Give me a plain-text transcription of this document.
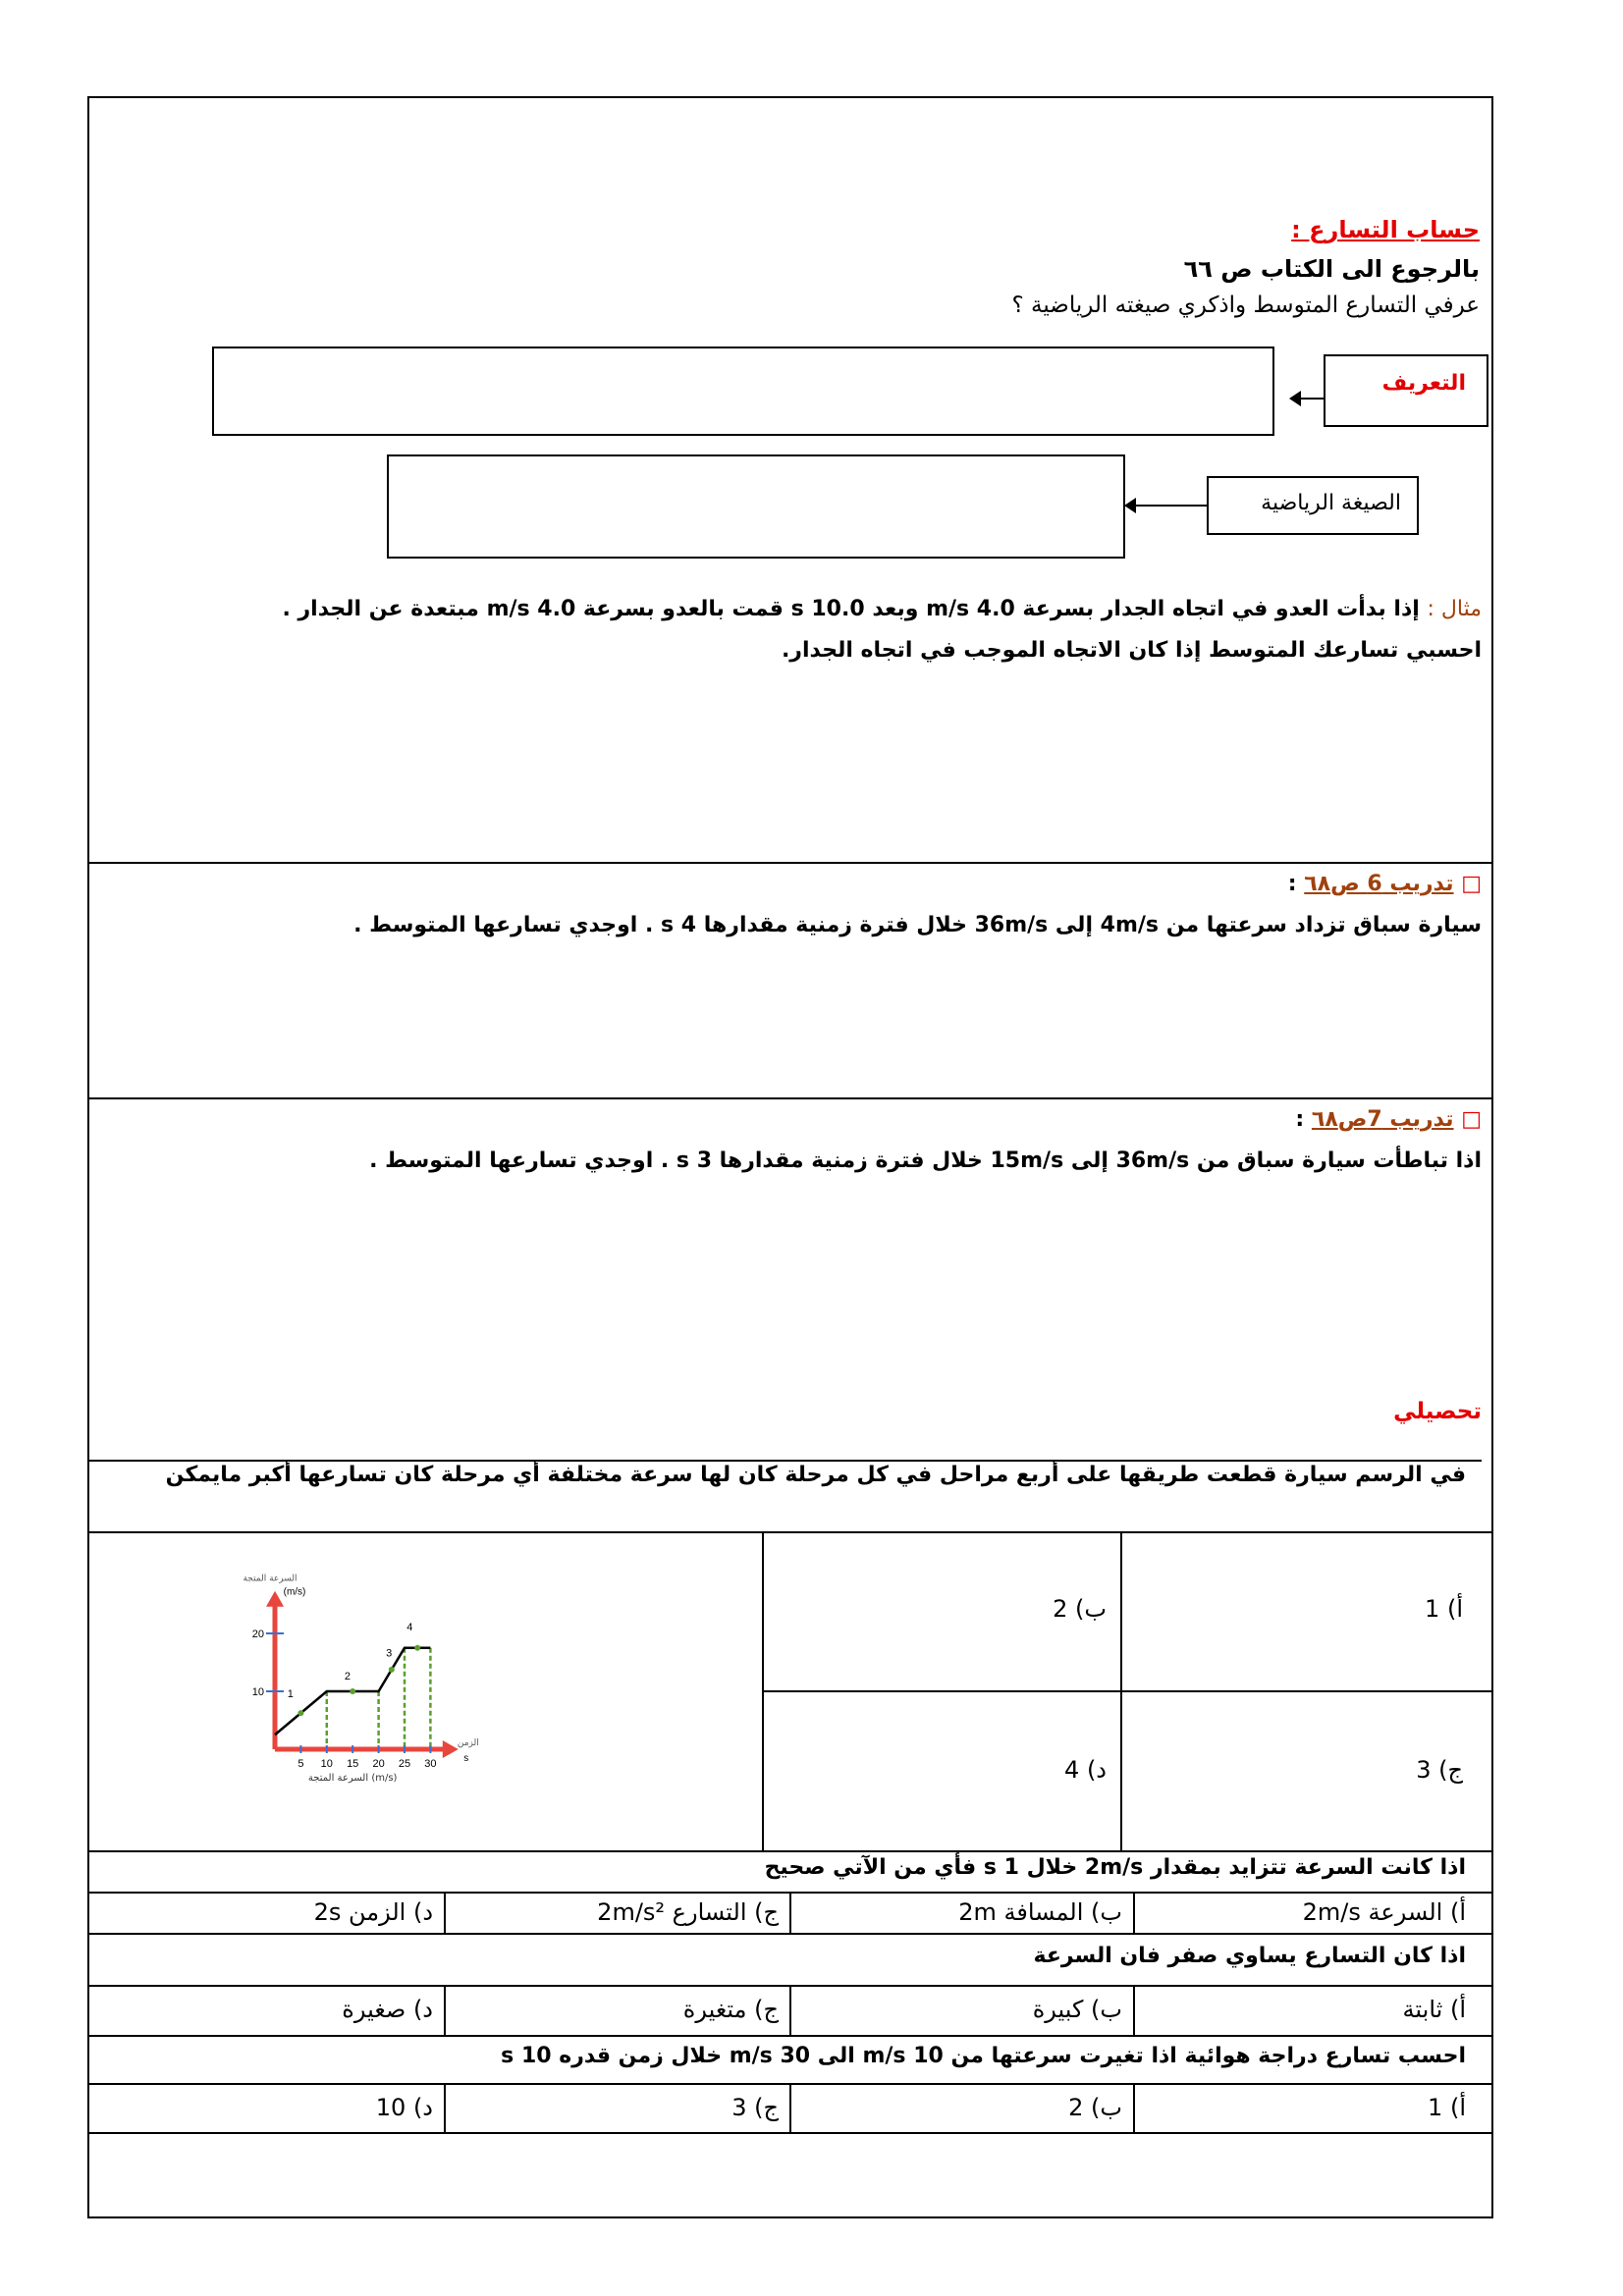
حساب التسارع :
بالرجوع الى الكتاب ص ٦٦
عرفي التسارع المتوسط واذكري صيغته الرياضية ؟
التعريف
الصيغة الرياضية
مثال : إذا بدأت العدو في اتجاه الجدار بسرعة m/s 4.0 وبعد s 10.0 قمت بالعدو بسرعة m/s 4.0 مبتعدة عن الجدار .
احسبي تسارعك المتوسط إذا كان الاتجاه الموجب في اتجاه الجدار.
□ تدريب 6 ص٦٨ :
سيارة سباق تزداد سرعتها من 4m/s إلى 36m/s خلال فترة زمنية مقدارها 4 s . اوجدي تسارعها المتوسط .
□ تدريب 7ص٦٨ :
اذا تباطأت سيارة سباق من 36m/s إلى 15m/s خلال فترة زمنية مقدارها 3 s . اوجدي تسارعها المتوسط .
تحصيلي
في الرسم سيارة قطعت طريقها على أربع مراحل في كل مرحلة كان لها سرعة مختلفة أي مرحلة كان تسارعها أكبر مايمكن
أ) 1
ب) 2
ج) 3
د) 4
5 10 15 20 25 30
10
20
1
2
3
4
السرعة المتجة
(m/s)
الزمن
s
السرعة المتجة (m/s)
اذا كانت السرعة تتزايد بمقدار 2m/s خلال 1 s فأي من الآتي صحيح
أ) السرعة 2m/s
ب) المسافة 2m
ج) التسارع 2m/s²
د) الزمن 2s
اذا كان التسارع يساوي صفر فان السرعة
أ) ثابتة
ب) كبيرة
ج) متغيرة
د) صغيرة
احسب تسارع دراجة هوائية اذا تغيرت سرعتها من 10 m/s الى 30 m/s خلال زمن قدره 10 s
أ) 1
ب) 2
ج) 3
د) 10
